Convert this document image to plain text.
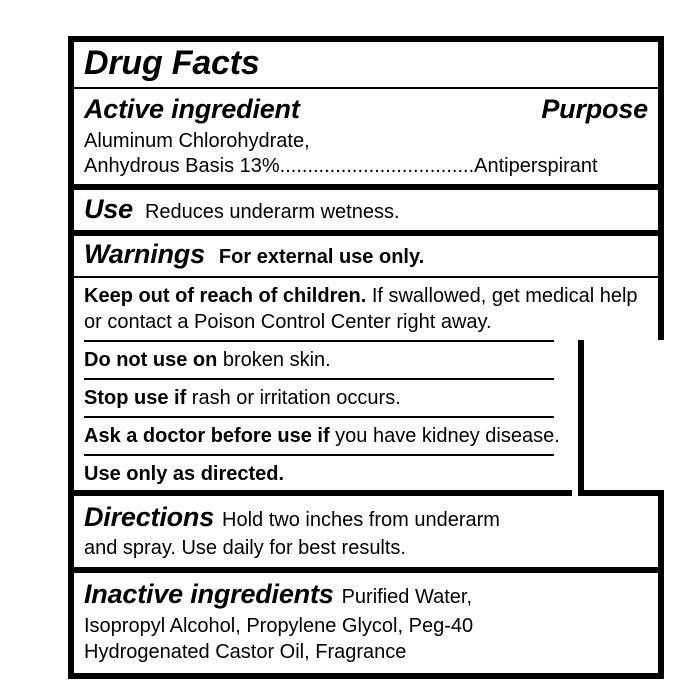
Drug Facts
Active ingredient	Purpose
Aluminum Chlorohydrate,
Anhydrous Basis 13%...................................Antiperspirant
Use Reduces underarm wetness.
Warnings For external use only.
Keep out of reach of children. If swallowed, get medical help or contact a Poison Control Center right away.
Do not use on broken skin.
Stop use if rash or irritation occurs.
Ask a doctor before use if you have kidney disease.
Use only as directed.
Directions Hold two inches from underarm
and spray. Use daily for best results.
Inactive ingredients Purified Water,
Isopropyl Alcohol, Propylene Glycol, Peg-40
Hydrogenated Castor Oil, Fragrance
